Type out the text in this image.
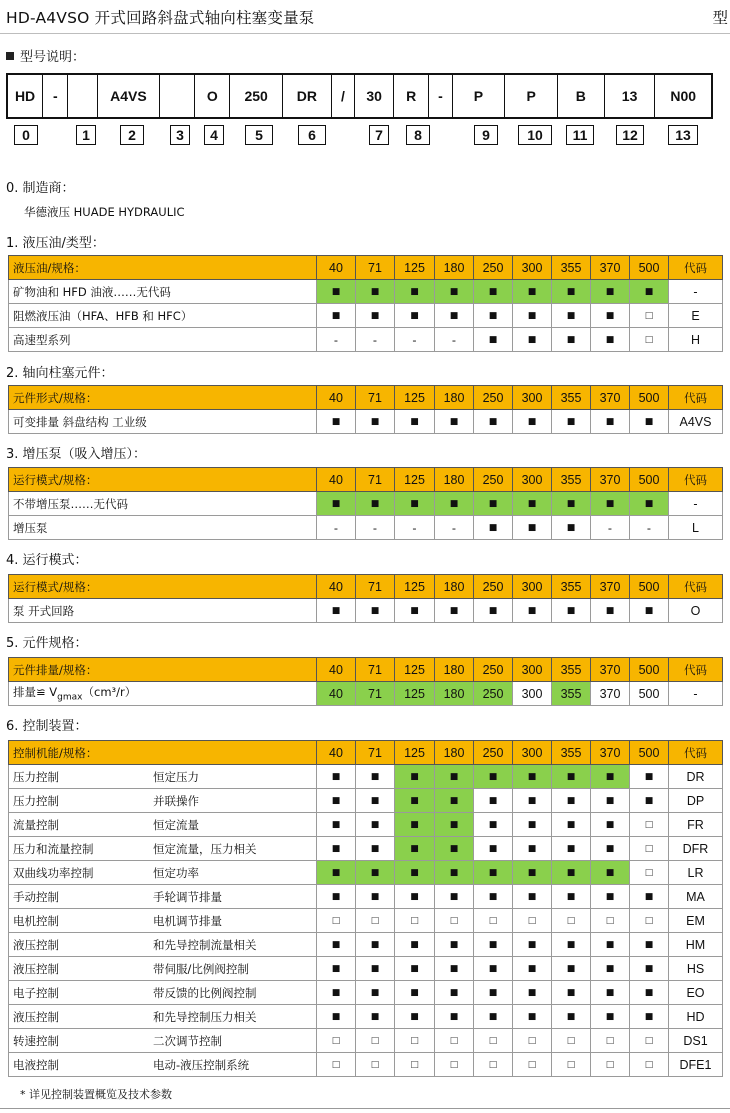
HD-A4VSO 开式回路斜盘式轴向柱塞变量泵	型
型号说明：
HD	-	A4VS	O	250	DR	/	30	R	-	P	P	B	13	N00
0	1	2	3	4	5	6	7	8	9	10	11	12	13
0. 制造商：
华德液压 HUADE HYDRAULIC
1. 液压油/类型：
液压油/规格：	40	71	125	180	250	300	355	370	500	代码
矿物油和 HFD 油液……无代码	■	■	■	■	■	■	■	■	■	-
阻燃液压油（HFA、HFB 和 HFC）	■	■	■	■	■	■	■	■	□	E
高速型系列	-	-	-	-	■	■	■	■	□	H
2. 轴向柱塞元件：
元件形式/规格：	40	71	125	180	250	300	355	370	500	代码
可变排量 斜盘结构 工业级	■	■	■	■	■	■	■	■	■	A4VS
3. 增压泵（吸入增压）：
运行模式/规格：	40	71	125	180	250	300	355	370	500	代码
不带增压泵……无代码	■	■	■	■	■	■	■	■	■	-
增压泵	-	-	-	-	■	■	■	-	-	L
4. 运行模式：
运行模式/规格：	40	71	125	180	250	300	355	370	500	代码
泵 开式回路	■	■	■	■	■	■	■	■	■	O
5. 元件规格：
元件排量/规格：	40	71	125	180	250	300	355	370	500	代码
排量≌ $V_{gmax}(cm^3/r)$	40	71	125	180	250	300	355	370	500	-
6. 控制装置：
控制机能/规格：	40	71	125	180	250	300	355	370	500	代码
压力控制 恒定压力	■	■	■	■	■	■	■	■	■	DR
压力控制 并联操作	■	■	■	■	■	■	■	■	■	DP
流量控制 恒定流量	■	■	■	■	■	■	■	■	□	FR
压力和流量控制 恒定流量，压力相关	■	■	■	■	■	■	■	■	□	DFR
双曲线功率控制 恒定功率	■	■	■	■	■	■	■	■	□	LR
手动控制 手轮调节排量	■	■	■	■	■	■	■	■	■	MA
电机控制 电机调节排量	□	□	□	□	□	□	□	□	□	EM
液压控制 和先导控制流量相关	■	■	■	■	■	■	■	■	■	HM
液压控制 带伺服/比例阀控制	■	■	■	■	■	■	■	■	■	HS
电子控制 带反馈的比例阀控制	■	■	■	■	■	■	■	■	■	EO
液压控制 和先导控制压力相关	■	■	■	■	■	■	■	■	■	HD
转速控制 二次调节控制	□	□	□	□	□	□	□	□	□	DS1
电液控制 电动-液压控制系统	□	□	□	□	□	□	□	□	□	DFE1
* 详见控制装置概览及技术参数
